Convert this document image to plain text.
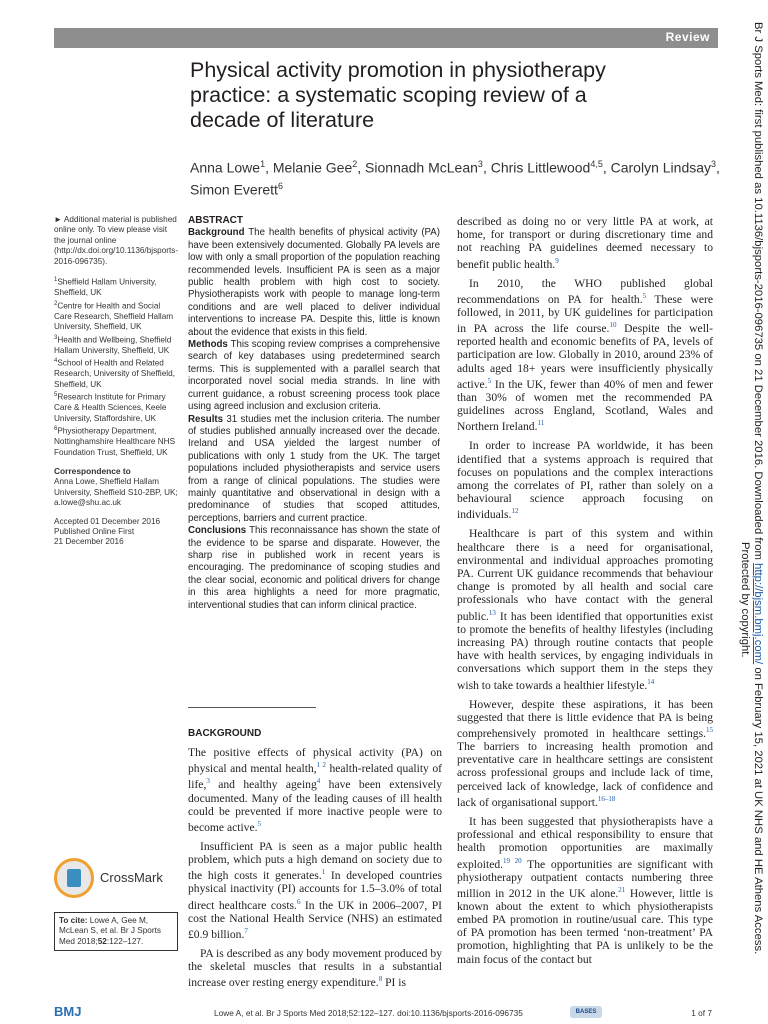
Review
Physical activity promotion in physiotherapy practice: a systematic scoping review of a decade of literature
Anna Lowe$^1$, Melanie Gee$^2$, Sionnadh McLean$^3$, Chris Littlewood$^{4,5}$, Carolyn Lindsay$^3$, Simon Everett$^6$

► Additional material is published online only. To view please visit the journal online (http://dx.doi.org/10.1136/bjsports-2016-096735).

$^1$Sheffield Hallam University, Sheffield, UK

$^2$Centre for Health and Social Care Research, Sheffield Hallam University, Sheffield, UK

$^3$Health and Wellbeing, Sheffield Hallam University, Sheffield, UK

$^4$School of Health and Related Research, University of Sheffield, Sheffield, UK

$^5$Research Institute for Primary Care & Health Sciences, Keele University, Staffordshire, UK

$^6$Physiotherapy Department, Nottinghamshire Healthcare NHS Foundation Trust, Sheffield, UK

Correspondence to

Anna Lowe, Sheffield Hallam University, Sheffield S10-2BP, UK; a.lowe@shu.ac.uk

Accepted 01 December 2016

Published Online First

21 December 2016

CrossMark
To cite: Lowe A, Gee M, McLean S, et al. Br J Sports Med 2018;52:122–127.

ABSTRACT

Background The health benefits of physical activity (PA) have been extensively documented. Globally PA levels are low with only a small proportion of the population reaching recommended levels. Insufficient PA is seen as a major public health problem with high cost to society. Physiotherapists work with people to manage long-term conditions and are well placed to deliver individual interventions to increase PA. Despite this, little is known about the evidence that exists in this field.

Methods This scoping review comprises a comprehensive search of key databases using predetermined search terms. This is supplemented with a parallel search that incorporated novel social media strands. In line with current guidance, a robust screening process took place using agreed inclusion and exclusion criteria.

Results 31 studies met the inclusion criteria. The number of studies published annually increased over the decade. Ireland and USA yielded the largest number of publications with only 1 study from the UK. The target populations included physiotherapists and service users from a range of clinical populations. The studies were mainly quantitative and observational in design with a predominance of studies that scoped attitudes, perceptions, barriers and current practice.

Conclusions This reconnaissance has shown the state of the evidence to be sparse and disparate. However, the sharp rise in published work in recent years is encouraging. The predominance of scoping studies and the clear social, economic and political drivers for change in this area highlights a need for more pragmatic, interventional studies that can inform clinical practice.

BACKGROUND

The positive effects of physical activity (PA) on physical and mental health,$^{1 2}$ health-related quality of life,$^3$ and healthy ageing$^4$ have been extensively documented. Many of the leading causes of ill health could be prevented if more inactive people were to become active.$^5$

Insufficient PA is seen as a major public health problem, which puts a high demand on society due to the high costs it generates.$^1$ In developed countries physical inactivity (PI) accounts for 1.5–3.0% of total direct healthcare costs.$^6$ In the UK in 2006–2007, PI cost the National Health Service (NHS) an estimated £0.9 billion.$^7$

PA is described as any body movement produced by the skeletal muscles that results in a substantial increase over resting energy expenditure.$^8$ PI is

described as doing no or very little PA at work, at home, for transport or during discretionary time and not reaching PA guidelines deemed necessary to benefit public health.$^9$

In 2010, the WHO published global recommendations on PA for health.$^5$ These were followed, in 2011, by UK guidelines for participation in PA across the life course.$^{10}$ Despite the well-reported health and economic benefits of PA, levels of participation are low. Globally in 2010, around 23% of adults aged 18+ years were insufficiently physically active.$^5$ In the UK, fewer than 40% of men and fewer than 30% of women met the recommended PA guidelines across England, Scotland, Wales and Northern Ireland.$^{11}$

In order to increase PA worldwide, it has been identified that a systems approach is required that focuses on populations and the complex interactions among the correlates of PI, rather than solely on a behavioural science approach focusing on individuals.$^{12}$

Healthcare is part of this system and within healthcare there is a need for organisational, environmental and individual approaches promoting PA. Current UK guidance recommends that behaviour change is promoted by all health and social care professionals who have contact with the general public.$^{13}$ It has been identified that opportunities exist to promote the benefits of healthy lifestyles (including increasing PA) through routine contacts that people have with health services, by engaging individuals in conversations which support them in the steps they wish to take towards a healthier lifestyle.$^{14}$

However, despite these aspirations, it has been suggested that there is little evidence that PA is being comprehensively promoted in healthcare settings.$^{15}$ The barriers to increasing health promotion and preventative care in healthcare settings are consistent across professional groups and include lack of time, perceived lack of knowledge, lack of confidence and lack of organisational support.$^{16-18}$

It has been suggested that physiotherapists have a professional and ethical responsibility to ensure that health promotion opportunities are maximally exploited.$^{19 20}$ The opportunities are significant with physiotherapy outpatient contacts numbering three million in 2012 in the UK alone.$^{21}$ However, little is known about the extent to which physiotherapists embed PA promotion in routine/usual care. This type of PA promotion has been termed ‘non-treatment’ PA promotion, highlighting that PA is unlikely to be the main focus of the contact but

BMJ	Lowe A, et al. Br J Sports Med 2018;52:122–127. doi:10.1136/bjsports-2016-096735	BASES	1 of 7
Br J Sports Med: first published as 10.1136/bjsports-2016-096735 on 21 December 2016. Downloaded from http://bjsm.bmj.com/ on February 15, 2021 at UK NHS and HE Athens Access.
Protected by copyright.
